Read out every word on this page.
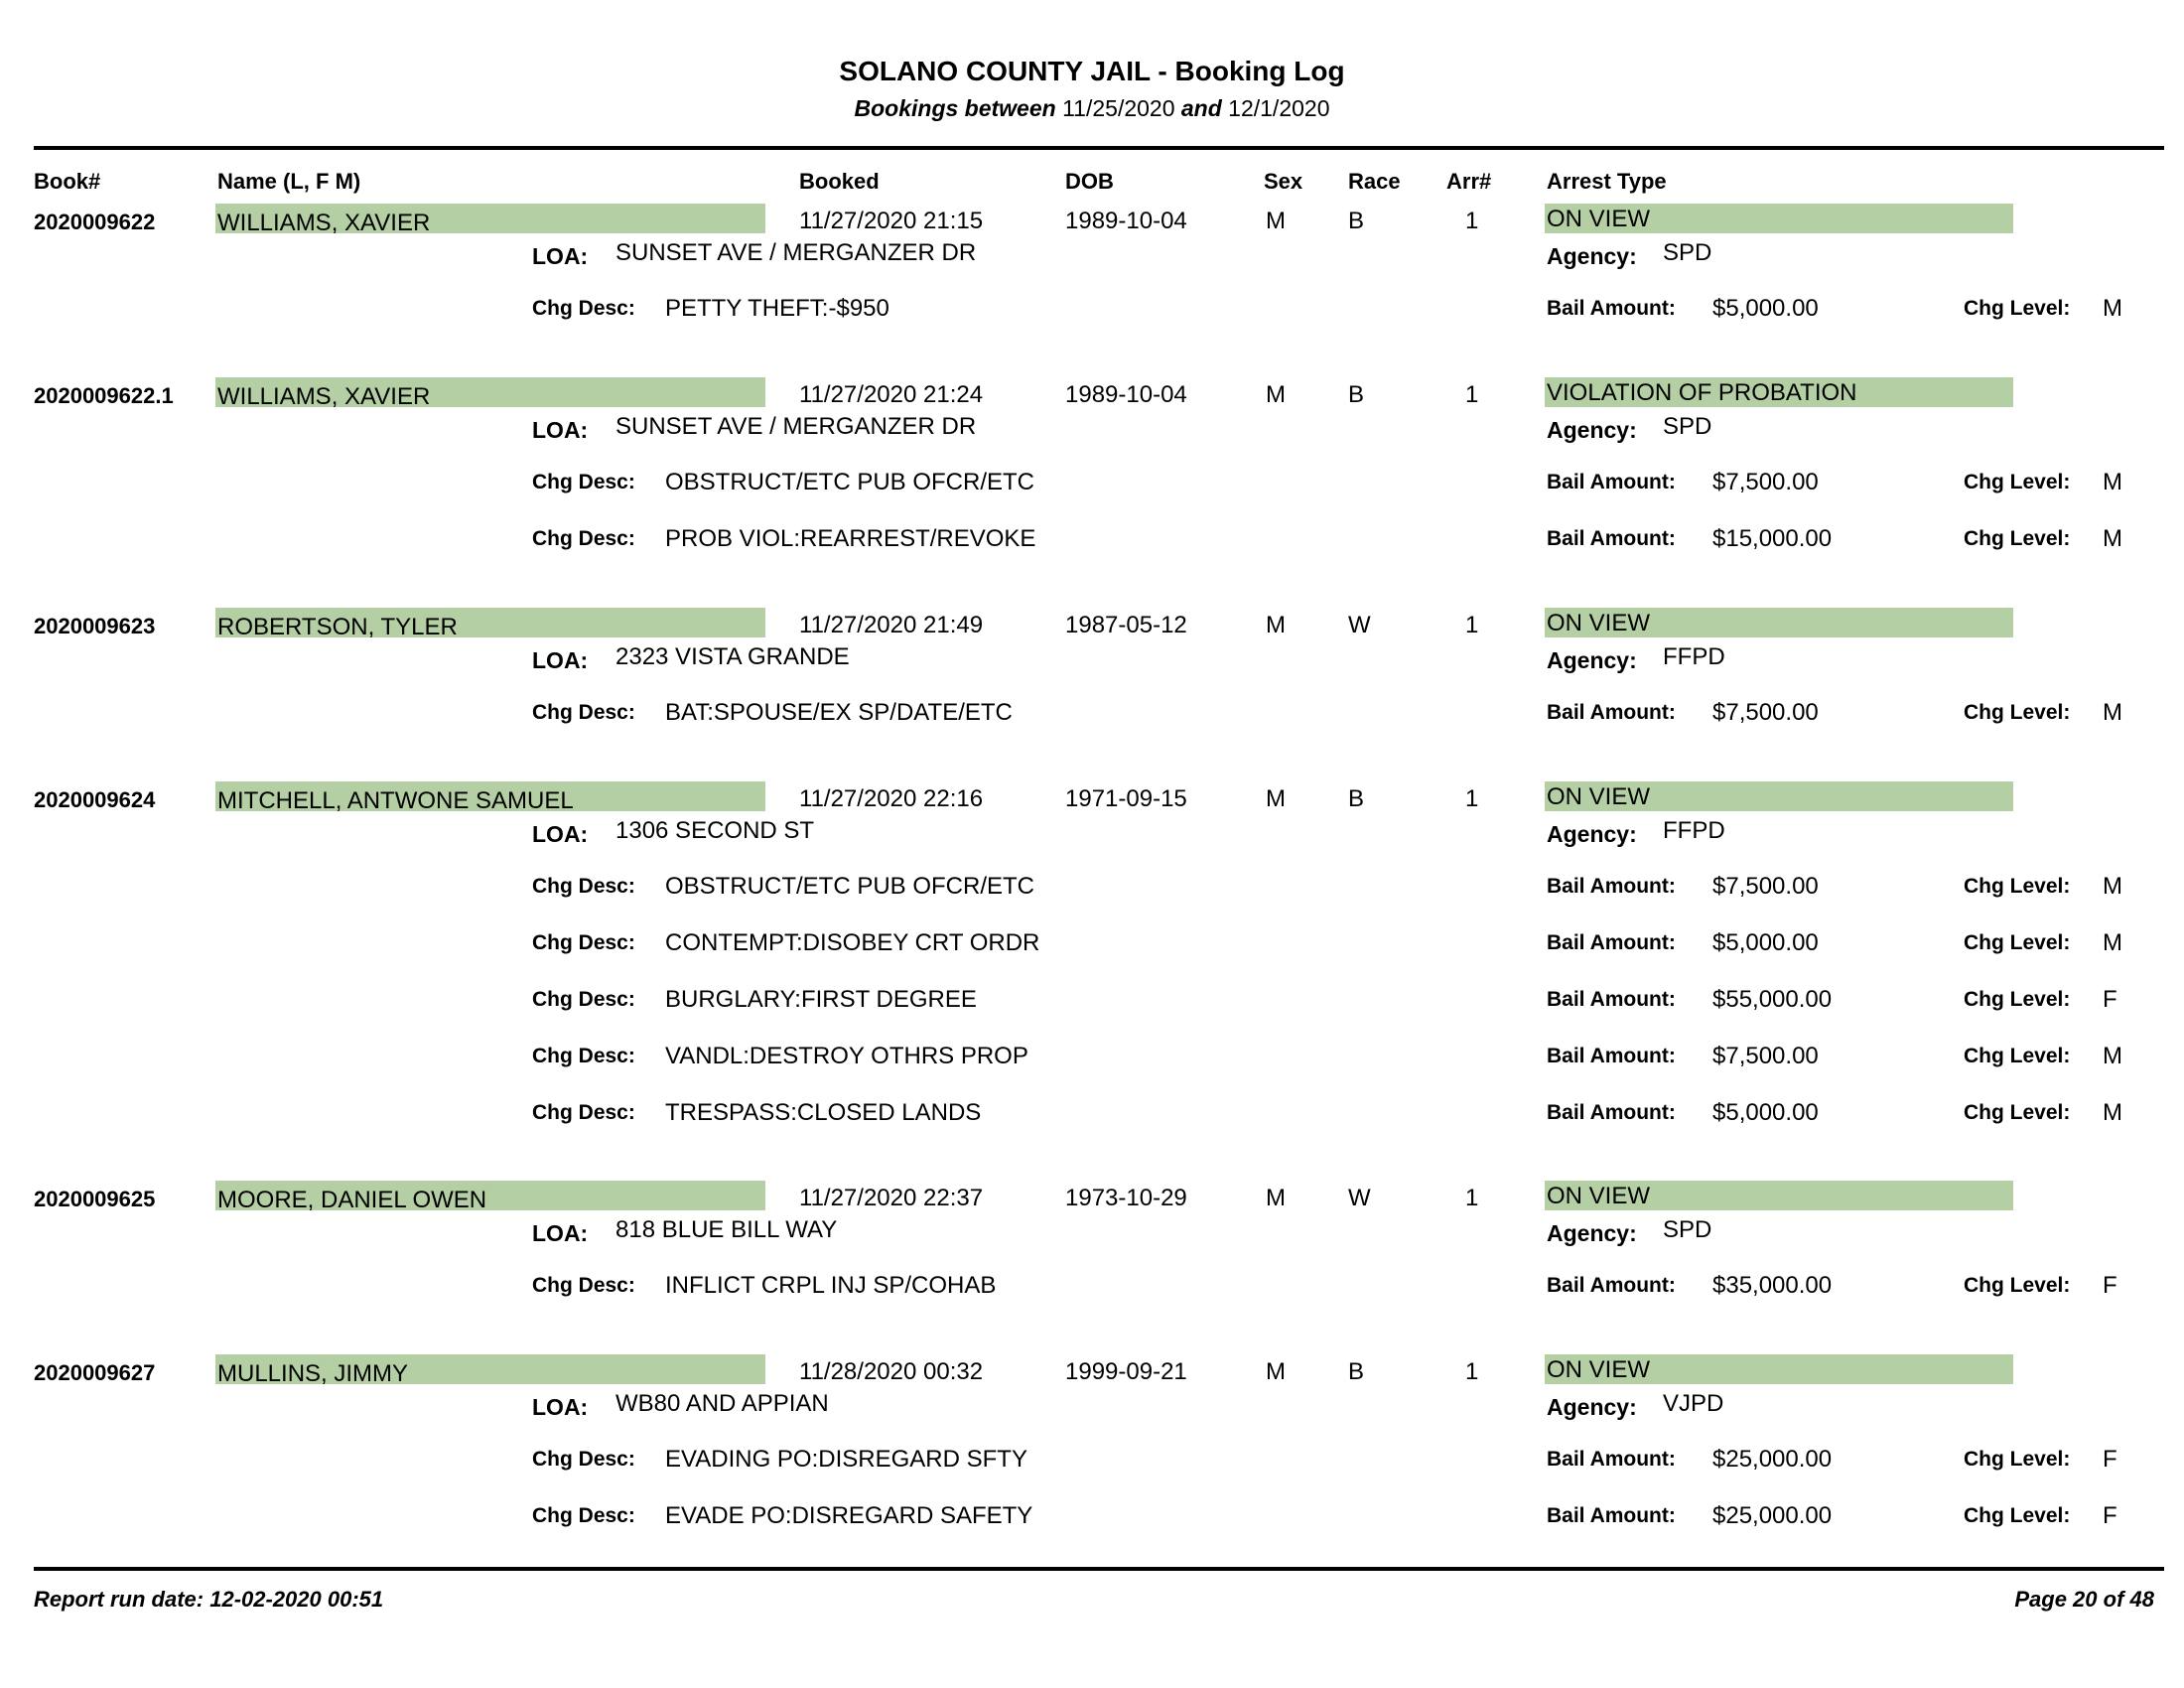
SOLANO COUNTY JAIL - Booking Log
Bookings between 11/25/2020 and 12/1/2020
Book#	Name (L, F M)	Booked	DOB	Sex Race Arr#	Arrest Type
2020009622	WILLIAMS, XAVIER	11/27/2020 21:15	1989-10-04	M	B	1	ON VIEW
LOA: SUNSET AVE / MERGANZER DR	Agency: SPD
Chg Desc: PETTY THEFT:-$950	Bail Amount: $5,000.00	Chg Level: M
2020009622.1 WILLIAMS, XAVIER	11/27/2020 21:24	1989-10-04	M	B	1	VIOLATION OF PROBATION
LOA: SUNSET AVE / MERGANZER DR	Agency: SPD
Chg Desc: OBSTRUCT/ETC PUB OFCR/ETC	Bail Amount: $7,500.00	Chg Level: M
Chg Desc: PROB VIOL:REARREST/REVOKE	Bail Amount: $15,000.00	Chg Level: M
2020009623	ROBERTSON, TYLER	11/27/2020 21:49	1987-05-12	M	W	1	ON VIEW
LOA: 2323 VISTA GRANDE	Agency: FFPD
Chg Desc: BAT:SPOUSE/EX SP/DATE/ETC	Bail Amount: $7,500.00	Chg Level: M
2020009624	MITCHELL, ANTWONE SAMUEL	11/27/2020 22:16	1971-09-15	M	B	1	ON VIEW
LOA: 1306 SECOND ST	Agency: FFPD
Chg Desc: OBSTRUCT/ETC PUB OFCR/ETC	Bail Amount: $7,500.00	Chg Level: M
Chg Desc: CONTEMPT:DISOBEY CRT ORDR	Bail Amount: $5,000.00	Chg Level: M
Chg Desc: BURGLARY:FIRST DEGREE	Bail Amount: $55,000.00	Chg Level: F
Chg Desc: VANDL:DESTROY OTHRS PROP	Bail Amount: $7,500.00	Chg Level: M
Chg Desc: TRESPASS:CLOSED LANDS	Bail Amount: $5,000.00	Chg Level: M
2020009625	MOORE, DANIEL OWEN	11/27/2020 22:37	1973-10-29	M	W	1	ON VIEW
LOA: 818 BLUE BILL WAY	Agency: SPD
Chg Desc: INFLICT CRPL INJ SP/COHAB	Bail Amount: $35,000.00	Chg Level: F
2020009627	MULLINS, JIMMY	11/28/2020 00:32	1999-09-21	M	B	1	ON VIEW
LOA: WB80 AND APPIAN	Agency: VJPD
Chg Desc: EVADING PO:DISREGARD SFTY	Bail Amount: $25,000.00	Chg Level: F
Chg Desc: EVADE PO:DISREGARD SAFETY	Bail Amount: $25,000.00	Chg Level: F
Report run date: 12-02-2020 00:51	Page 20 of 48
